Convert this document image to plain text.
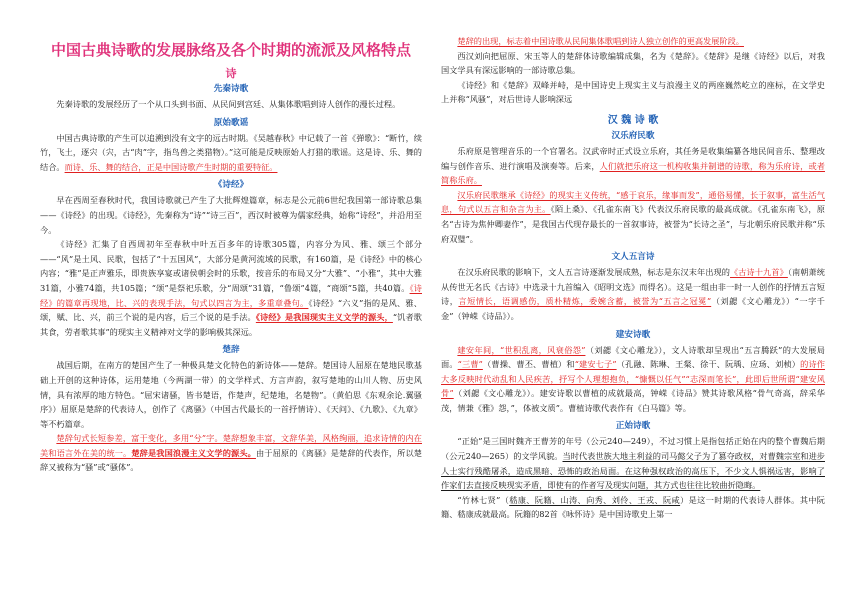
中国古典诗歌的发展脉络及各个时期的流派及风格特点
诗
先秦诗歌

先秦诗歌的发展经历了一个从口头到书面、从民间到宫廷、从集体歌唱到诗人创作的漫长过程。

原始歌谣

中国古典诗歌的产生可以追溯到没有文字的远古时期。《吴越春秋》中记载了一首《弹歌》：“断竹，续竹，飞土，逐宍（宍，古“肉”字，指鸟兽之类猎物）。”这可能是反映原始人打猎的歌谣。这是诗、乐、舞的结合。而诗、乐、舞的结合，正是中国诗歌产生时期的重要特征。

《诗经》

早在西周至春秋时代，我国诗歌就已产生了大批辉煌篇章，标志是公元前6世纪我国第一部诗歌总集——《诗经》的出现。《诗经》，先秦称为“诗”“诗三百”，西汉时被尊为儒家经典，始称“诗经”，并沿用至今。

《诗经》汇集了自西周初年至春秋中叶五百多年的诗歌305篇，内容分为风、雅、颂三个部分——“风”是土风、民歌，包括了“十五国风”，大部分是黄河流域的民歌，有160篇，是《诗经》中的核心内容；“雅”是正声雅乐，即贵族享宴或诸侯朝会时的乐歌，按音乐的布局又分“大雅”、“小雅”，其中大雅31篇，小雅74篇，共105篇；“颂”是祭祀乐歌，分“周颂”31篇，“鲁颂”4篇，“商颂”5篇，共40篇。《诗经》的篇章再现地，比、兴的表现手法，句式以四言为主，多重章叠句。《诗经》“六义”指的是风、雅、颂，赋、比、兴，前三个说的是内容，后三个说的是手法。《诗经》是我国现实主义文学的源头，“饥者歌其食，劳者歌其事”的现实主义精神对文学的影响极其深远。

楚辞

战国后期，在南方的楚国产生了一种极具楚文化特色的新诗体——楚辞。楚国诗人屈原在楚地民歌基础上开创的这种诗体，运用楚地（今两湖一带）的文学样式、方言声韵，叙写楚地的山川人物、历史风情，具有浓厚的地方特色。“屈宋诸骚，皆书楚语，作楚声，纪楚地，名楚物”。（黄伯思《东观余论.翼骚序》）屈原是楚辞的代表诗人，创作了《离骚》（中国古代最长的一首抒情诗）、《天问》、《九歌》、《九章》等不朽篇章。

楚辞句式长短参差，富于变化，多用“兮”字。楚辞想象丰富，文辞华美，风格绚丽，追求诗情的内在美和语言外在美的统一。楚辞是我国浪漫主义文学的源头。由于屈原的《离骚》是楚辞的代表作，所以楚辞又被称为“骚”或“骚体”。

楚辞的出现，标志着中国诗歌从民间集体歌唱到诗人独立创作的更高发展阶段。

西汉刘向把屈原、宋玉等人的楚辞体诗歌编辑成集，名为《楚辞》。《楚辞》是继《诗经》以后，对我国文学具有深远影响的一部诗歌总集。

《诗经》和《楚辞》双峰并峙，是中国诗史上现实主义与浪漫主义的两座巍然屹立的座标，在文学史上并称“风骚”，对后世诗人影响深远

汉 魏 诗 歌
汉乐府民歌

乐府原是管理音乐的一个官署名。汉武帝时正式设立乐府，其任务是收集编纂各地民间音乐、整理改编与创作音乐、进行演唱及演奏等。后来，人们就把乐府这一机构收集并制谱的诗歌，称为乐府诗，或者简称乐府。

汉乐府民歌继承《诗经》的现实主义传统，“感于哀乐，缘事而发”，通俗易懂，长于叙事，富生活气息，句式以五言和杂言为主。《陌上桑》、《孔雀东南飞》代表汉乐府民歌的最高成就。《孔雀东南飞》，原名“古诗为焦仲卿妻作”，是我国古代现存最长的一首叙事诗，被誉为“长诗之圣”，与北朝乐府民歌并称“乐府双璧”。

文人五言诗

在汉乐府民歌的影响下，文人五言诗逐渐发展成熟，标志是东汉末年出现的《古诗十九首》（南朝萧统从传世无名氏《古诗》中选录十九首编入《昭明文选》而得名）。这是一组由非一时一人创作的抒情五言短诗，言短情长，语调感伤，质朴精炼，委婉含蓄，被誉为“五言之冠冕”（刘勰《文心雕龙》）“一字千金”（钟嵘《诗品》）。

建安诗歌

建安年间，“世积乱离，风衰俗怨”（刘勰《文心雕龙》），文人诗歌却呈现出“五言腾跃”的大发展局面。“三曹”（曹操、曹丕、曹植）和“建安七子”（孔融、陈琳、王粲、徐干、阮瑀、应玚、刘桢）的诗作大多反映时代动乱和人民疾苦，抒写个人理想抱负，“慷慨以任气”“志深而笔长”，此即后世所谓“建安风骨”（刘勰《文心雕龙》）。建安诗歌以曹植的成就最高，钟嵘《诗品》赞其诗歌风格“骨气奇高，辞采华茂，情兼《雅》怨，”，体被文质”。曹植诗歌代表作有《白马篇》等。

正始诗歌

“正始”是三国时魏齐王曹芳的年号（公元240—249），不过习惯上是指包括正始在内的整个曹魏后期（公元240—265）的文学风貌。当时代表世族大地主利益的司马懿父子为了篡夺政权，对曹魏宗室和进步人士实行残酷屠杀，造成黑暗、恐怖的政治局面。在这种强权政治的高压下，不少文人惧祸远害，影响了作家们去直接反映现实矛盾，即使有的作者写及现实问题，其方式也往往比较曲折隐晦。

“竹林七贤”（嵇康、阮籍、山涛、向秀、刘伶、王戎、阮咸）是这一时期的代表诗人群体。其中阮籍、嵇康成就最高。阮籍的82首《咏怀诗》是中国诗歌史上第一
